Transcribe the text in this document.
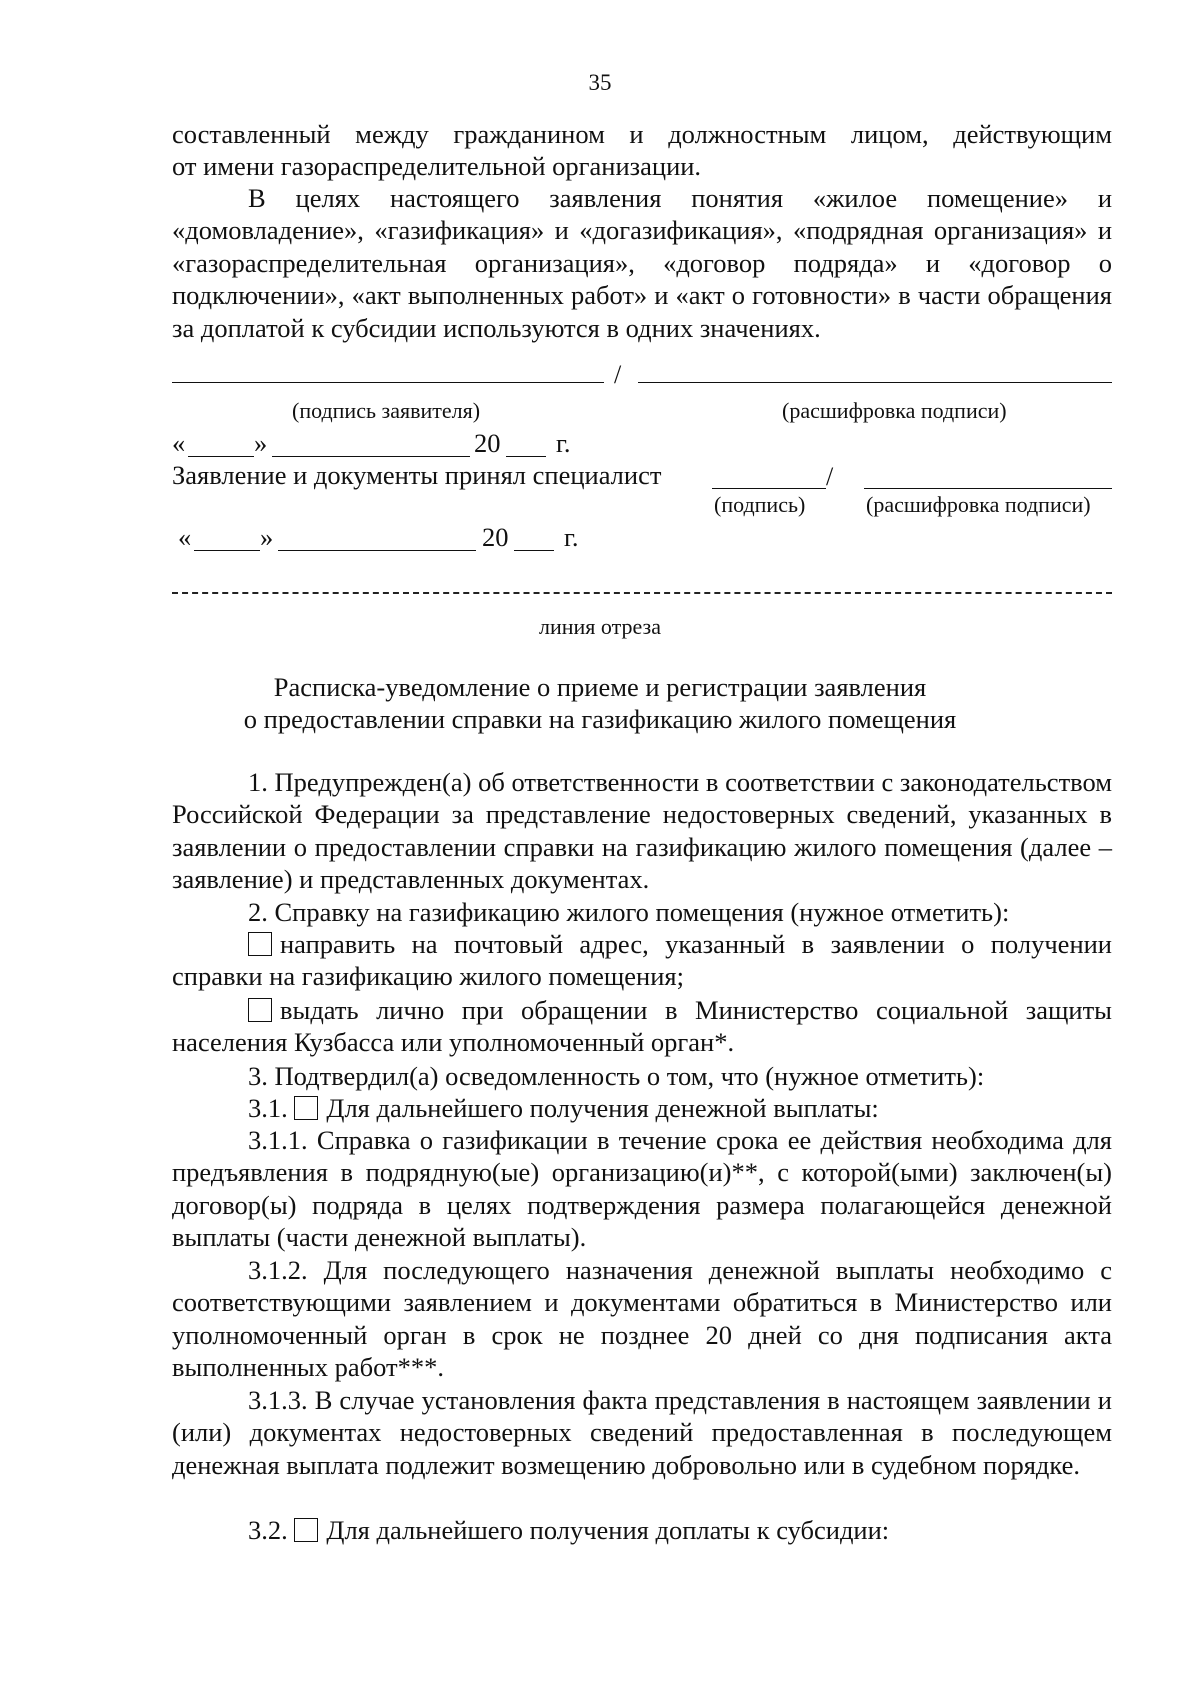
35
составленный между гражданином и должностным лицом, действующим
от имени газораспределительной организации.
В целях настоящего заявления понятия «жилое помещение» и «домовладение», «газификация» и «догазификация», «подрядная организация» и «газораспределительная организация», «договор подряда» и «договор о подключении», «акт выполненных работ» и «акт о готовности» в части обращения за доплатой к субсидии используются в одних значениях.
/
(подпись заявителя)	(расшифровка подписи)
«	»	20 г.
Заявление и документы принял специалист	/
(подпись)	(расшифровка подписи)
«	»	20 г.
линия отреза
Расписка-уведомление о приеме и регистрации заявления
о предоставлении справки на газификацию жилого помещения
1. Предупрежден(а) об ответственности в соответствии с законодательством Российской Федерации за представление недостоверных сведений, указанных в заявлении о предоставлении справки на газификацию жилого помещения (далее – заявление) и представленных документах.
2. Справку на газификацию жилого помещения (нужное отметить):
направить на почтовый адрес, указанный в заявлении о получении справки на газификацию жилого помещения;
выдать лично при обращении в Министерство социальной защиты населения Кузбасса или уполномоченный орган*.
3. Подтвердил(а) осведомленность о том, что (нужное отметить):
3.1. Для дальнейшего получения денежной выплаты:
3.1.1. Справка о газификации в течение срока ее действия необходима для предъявления в подрядную(ые) организацию(и)**, с которой(ыми) заключен(ы) договор(ы) подряда в целях подтверждения размера полагающейся денежной выплаты (части денежной выплаты).
3.1.2. Для последующего назначения денежной выплаты необходимо с соответствующими заявлением и документами обратиться в Министерство или уполномоченный орган в срок не позднее 20 дней со дня подписания акта выполненных работ***.
3.1.3. В случае установления факта представления в настоящем заявлении и (или) документах недостоверных сведений предоставленная в последующем денежная выплата подлежит возмещению добровольно или в судебном порядке.
3.2. Для дальнейшего получения доплаты к субсидии:
